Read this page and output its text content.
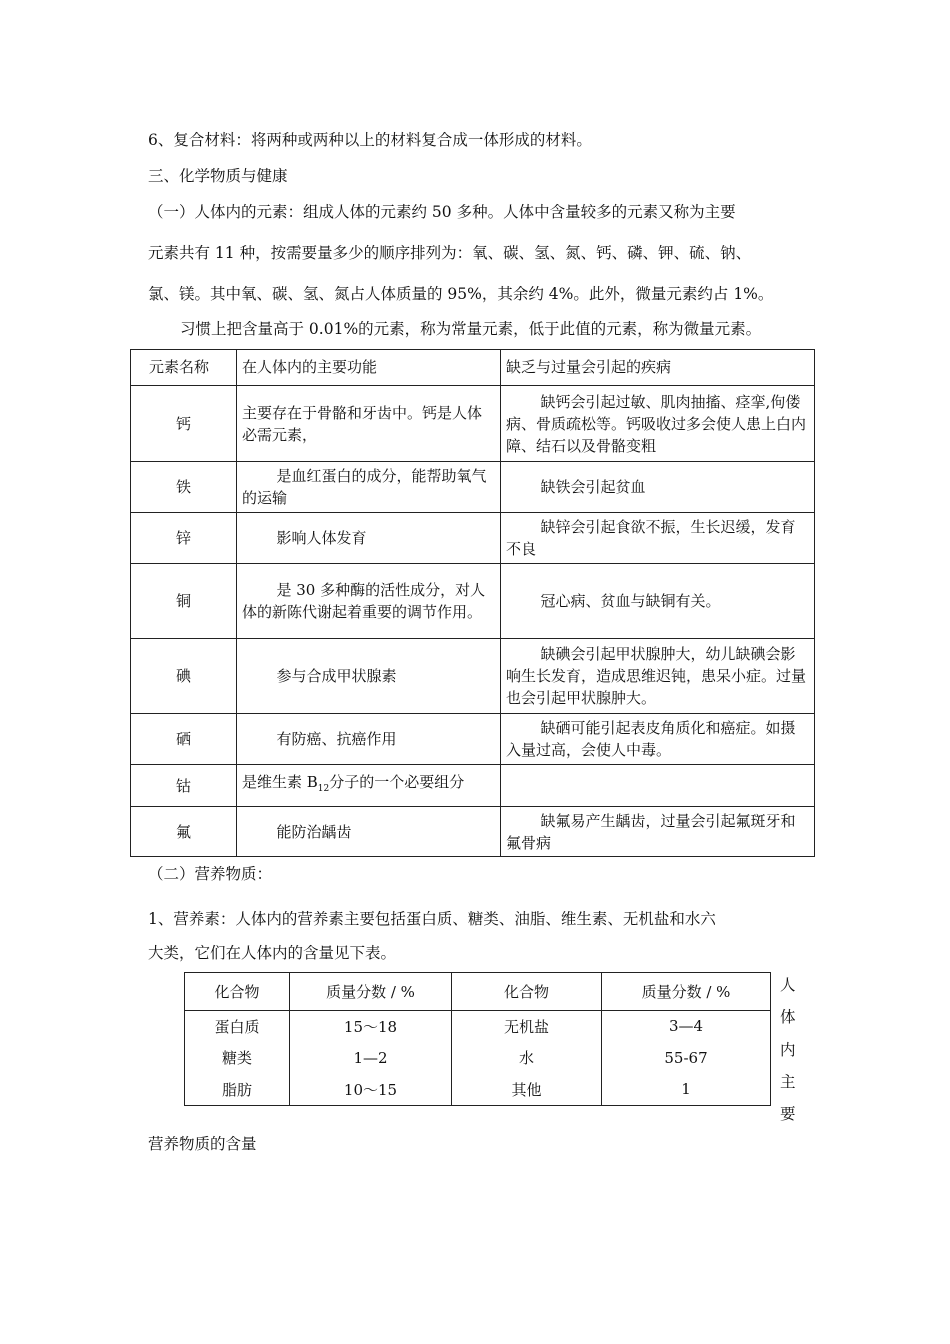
6、复合材料：将两种或两种以上的材料复合成一体形成的材料。
三、化学物质与健康
（一）人体内的元素：组成人体的元素约 50 多种。人体中含量较多的元素又称为主要
元素共有 11 种，按需要量多少的顺序排列为：氧、碳、氢、氮、钙、磷、钾、硫、钠、
氯、镁。其中氧、碳、氢、氮占人体质量的 95%，其余约 4%。此外，微量元素约占 1%。
习惯上把含量高于 0.01%的元素，称为常量元素，低于此值的元素，称为微量元素。
元素名称	在人体内的主要功能	缺乏与过量会引起的疾病
钙	主要存在于骨骼和牙齿中。钙是人体必需元素，	缺钙会引起过敏、肌肉抽搐、痉挛,佝偻病、骨质疏松等。钙吸收过多会使人患上白内障、结石以及骨骼变粗
铁	是血红蛋白的成分，能帮助氧气的运输	缺铁会引起贫血
锌	影响人体发育	缺锌会引起食欲不振，生长迟缓，发育不良
铜	是 30 多种酶的活性成分，对人体的新陈代谢起着重要的调节作用。	冠心病、贫血与缺铜有关。
碘	参与合成甲状腺素	缺碘会引起甲状腺肿大，幼儿缺碘会影响生长发育，造成思维迟钝，患呆小症。过量也会引起甲状腺肿大。
硒	有防癌、抗癌作用	缺硒可能引起表皮角质化和癌症。如摄入量过高，会使人中毒。
钴	是维生素 $B_{12}$分子的一个必要组分	
氟	能防治龋齿	缺氟易产生龋齿，过量会引起氟斑牙和氟骨病
（二）营养物质：
1、营养素：人体内的营养素主要包括蛋白质、糖类、油脂、维生素、无机盐和水六
大类，它们在人体内的含量见下表。
化合物	质量分数 / %	化合物	质量分数 / %
蛋白质	15～18	无机盐	3—4
糖类	1—2	水	55-67
脂肪	10～15	其他	1
人
体
内
主
要
营养物质的含量
